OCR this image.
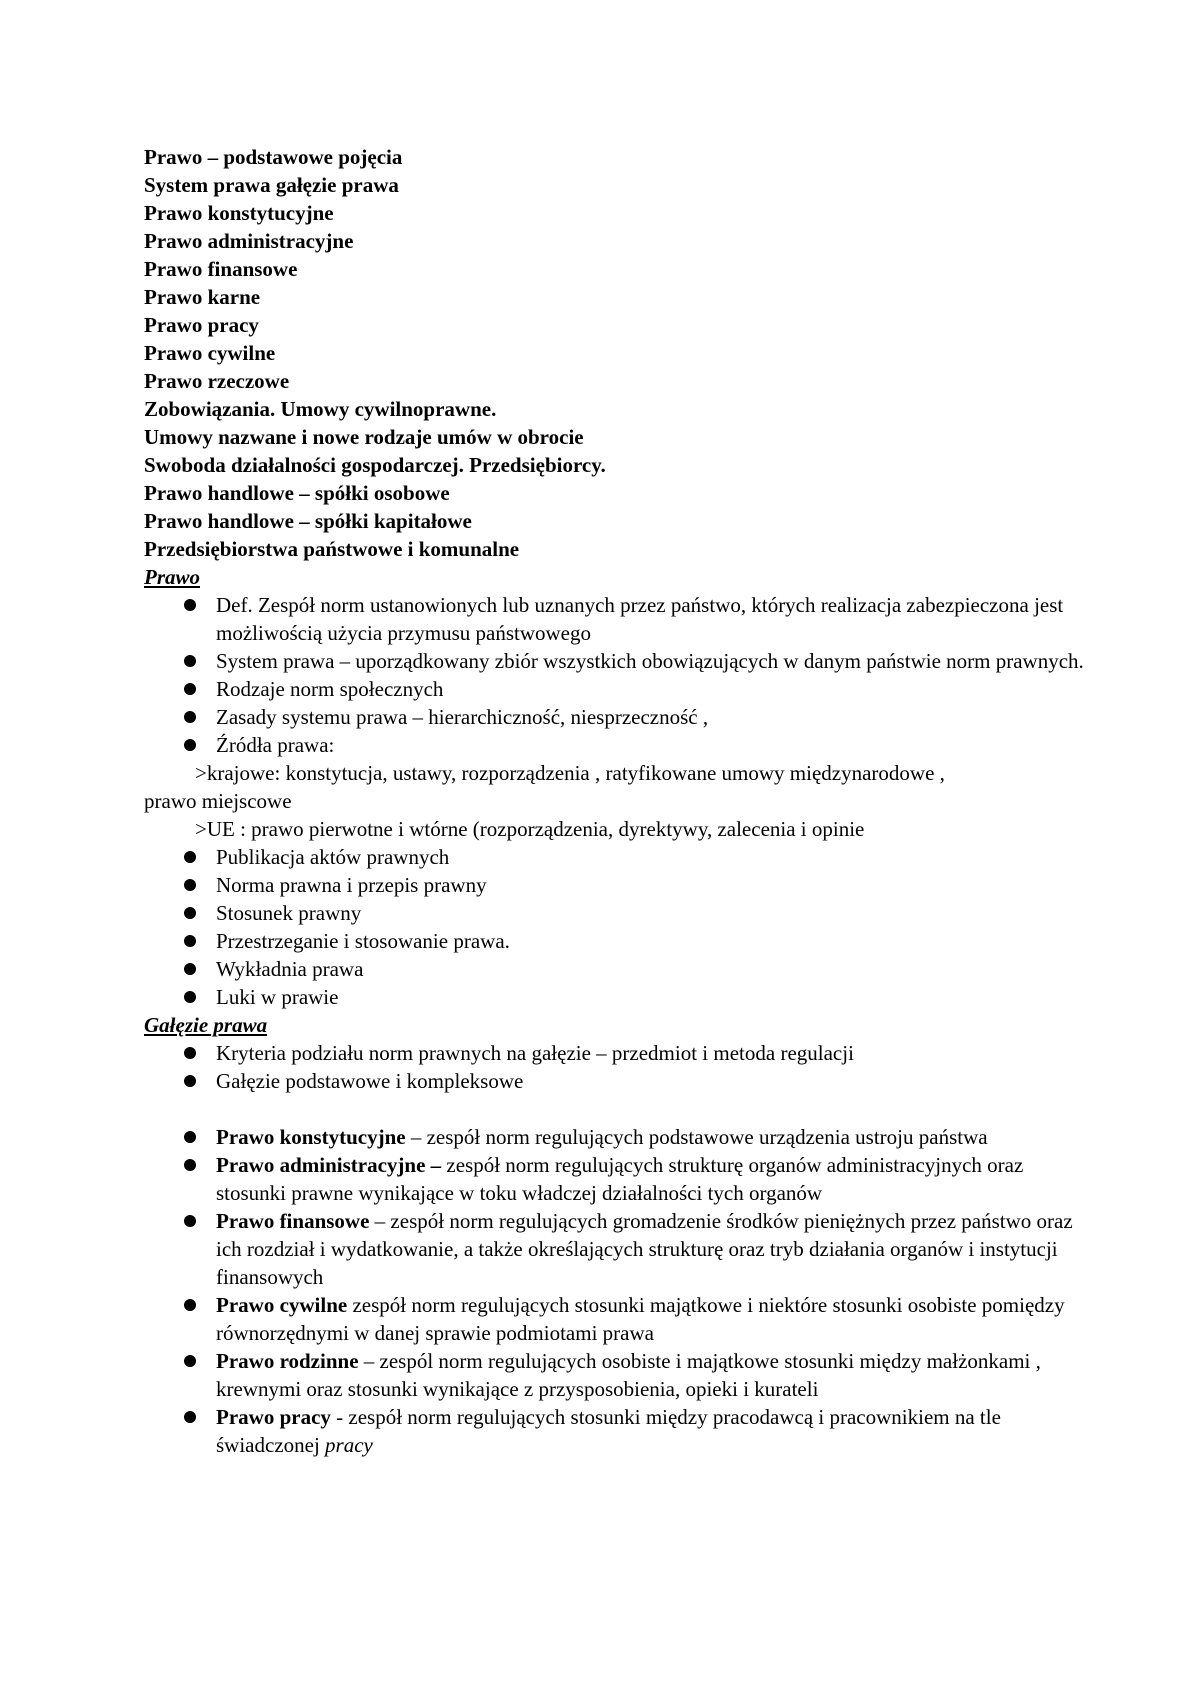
Prawo – podstawowe pojęcia
System prawa gałęzie prawa
Prawo konstytucyjne
Prawo administracyjne
Prawo finansowe
Prawo karne
Prawo pracy
Prawo cywilne
Prawo rzeczowe
Zobowiązania. Umowy cywilnoprawne.
Umowy nazwane i nowe rodzaje umów w obrocie
Swoboda działalności gospodarczej. Przedsiębiorcy.
Prawo handlowe – spółki osobowe
Prawo handlowe – spółki kapitałowe
Przedsiębiorstwa państwowe i komunalne
Prawo
Def. Zespół norm ustanowionych lub uznanych przez państwo, których realizacja zabezpieczona jest możliwością użycia przymusu państwowego
System prawa – uporządkowany zbiór wszystkich obowiązujących w danym państwie norm prawnych.
Rodzaje norm społecznych
Zasady systemu prawa – hierarchiczność, niesprzeczność ,
Źródła prawa:
>krajowe: konstytucja, ustawy, rozporządzenia , ratyfikowane umowy międzynarodowe ,
prawo miejscowe
>UE : prawo pierwotne i wtórne (rozporządzenia, dyrektywy, zalecenia i opinie
Publikacja aktów prawnych
Norma prawna i przepis prawny
Stosunek prawny
Przestrzeganie i stosowanie prawa.
Wykładnia prawa
Luki w prawie
Gałęzie prawa
Kryteria podziału norm prawnych na gałęzie – przedmiot i metoda regulacji
Gałęzie podstawowe i kompleksowe
Prawo konstytucyjne – zespół norm regulujących podstawowe urządzenia ustroju państwa
Prawo administracyjne – zespół norm regulujących strukturę organów administracyjnych oraz stosunki prawne wynikające w toku władczej działalności tych organów
Prawo finansowe – zespół norm regulujących gromadzenie środków pieniężnych przez państwo oraz ich rozdział i wydatkowanie, a także określających strukturę oraz tryb działania organów i instytucji finansowych
Prawo cywilne zespół norm regulujących stosunki majątkowe i niektóre stosunki osobiste pomiędzy równorzędnymi w danej sprawie podmiotami prawa
Prawo rodzinne – zespól norm regulujących osobiste i majątkowe stosunki między małżonkami , krewnymi oraz stosunki wynikające z przysposobienia, opieki i kurateli
Prawo pracy - zespół norm regulujących stosunki między pracodawcą i pracownikiem na tle świadczonej pracy
